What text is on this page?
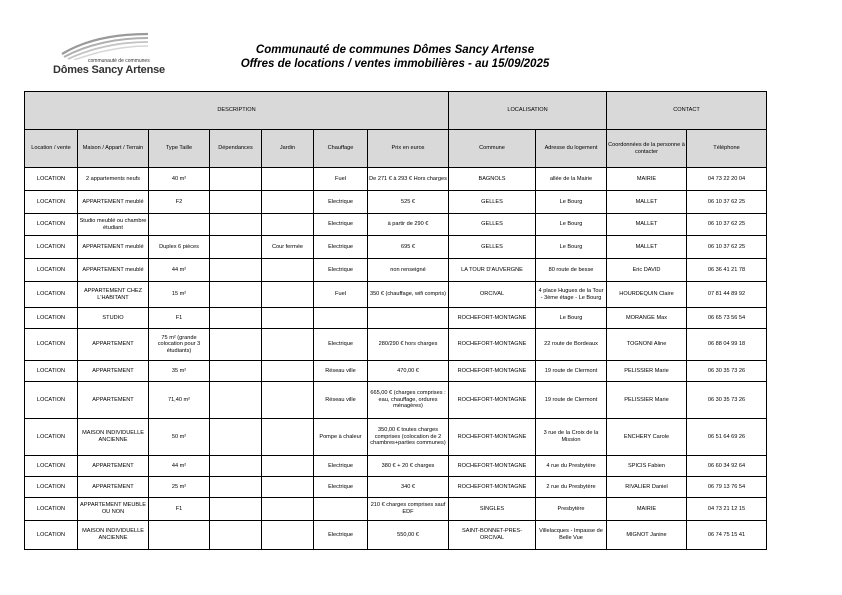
communauté de communes
Dômes Sancy Artense
Communauté de communes Dômes Sancy Artense
Offres de locations / ventes immobilières - au 15/09/2025
DESCRIPTION							LOCALISATION		CONTACT	
Location / vente	Maison / Appart / Terrain	Type Taille	Dépendances	Jardin	Chauffage	Prix en euros	Commune	Adresse du logement	Coordonnées de la personne à contacter	Téléphone
LOCATION	2 appartements neufs	40 m²			Fuel	De 271 € à 293 € Hors charges	BAGNOLS	allée de la Mairie	MAIRIE	04 73 22 20 04
LOCATION	APPARTEMENT meublé	F2			Electrique	525 €	GELLES	Le Bourg	MALLET	06 10 37 62 25
LOCATION	Studio meublé ou chambre étudiant				Electrique	à partir de 290 €	GELLES	Le Bourg	MALLET	06 10 37 62 25
LOCATION	APPARTEMENT meublé	Duplex 6 pièces		Cour fermée	Electrique	695 €	GELLES	Le Bourg	MALLET	06 10 37 62 25
LOCATION	APPARTEMENT meublé	44 m²			Electrique	non renseigné	LA TOUR D'AUVERGNE	80 route de besse	Eric DAVID	06 36 41 21 78
LOCATION	APPARTEMENT CHEZ L'HABITANT	15 m²			Fuel	350 € (chauffage, wifi compris)	ORCIVAL	4 place Hugues de la Tour - 3ème étage - Le Bourg	HOURDEQUIN Claire	07 81 44 89 92
LOCATION	STUDIO	F1					ROCHEFORT-MONTAGNE	Le Bourg	MORANGE Max	06 65 73 56 54
LOCATION	APPARTEMENT	75 m² (grande colocation pour 3 étudiants)			Electrique	280/290 € hors charges	ROCHEFORT-MONTAGNE	22 route de Bordeaux	TOGNONI Aline	06 88 04 99 18
LOCATION	APPARTEMENT	35 m²			Réseau ville	470,00 €	ROCHEFORT-MONTAGNE	19 route de Clermont	PELISSIER Marie	06 30 35 73 26
LOCATION	APPARTEMENT	71,40 m²			Réseau ville	665,00 € (charges comprises : eau, chauffage, ordures ménagères)	ROCHEFORT-MONTAGNE	19 route de Clermont	PELISSIER Marie	06 30 35 73 26
LOCATION	MAISON INDIVIDUELLE ANCIENNE	50 m²			Pompe à chaleur	350,00 € toutes charges comprises (colocation de 2 chambres+parties communes)	ROCHEFORT-MONTAGNE	3 rue de la Croix de la Mission	ENCHERY Carole	06 51 64 69 26
LOCATION	APPARTEMENT	44 m²			Electrique	380 € + 20 € charges	ROCHEFORT-MONTAGNE	4 rue du Presbytère	SPICIS Fabien	06 60 34 92 64
LOCATION	APPARTEMENT	25 m²			Electrique	340 €	ROCHEFORT-MONTAGNE	2 rue du Presbytère	RIVALIER Daniel	06 79 13 76 54
LOCATION	APPARTEMENT MEUBLE OU NON	F1				210 € charges comprises sauf EDF	SINGLES	Presbytère	MAIRIE	04 73 21 12 15
LOCATION	MAISON INDIVIDUELLE ANCIENNE				Electrique	550,00 €	SAINT-BONNET-PRES-ORCIVAL	Villelacques - Impasse de Belle Vue	MIGNOT Janine	06 74 75 15 41
